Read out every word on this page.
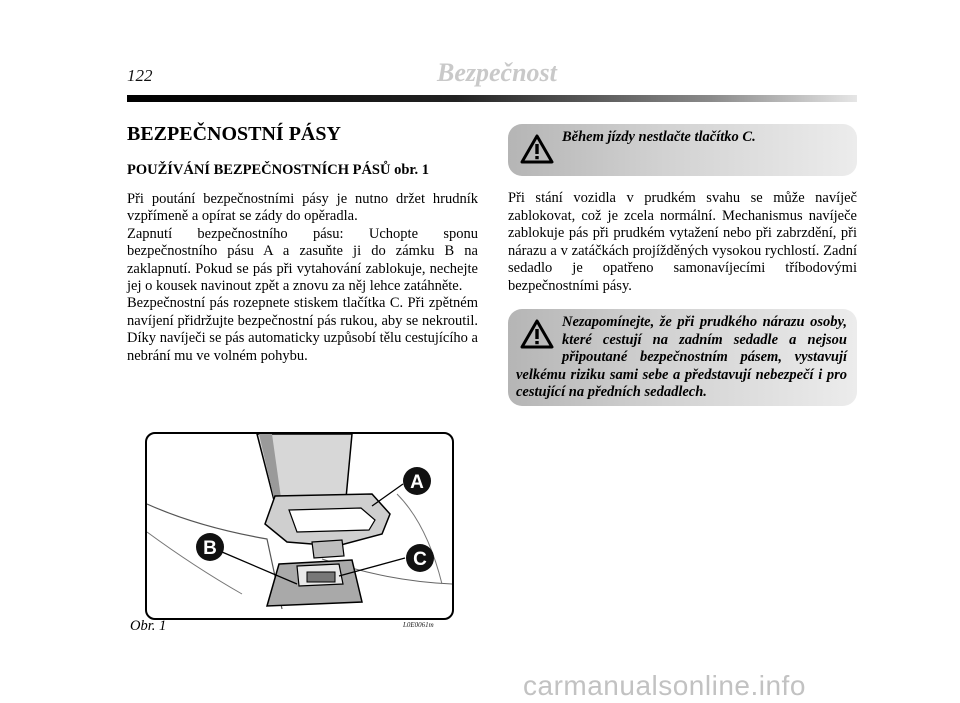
122	Bezpečnost
BEZPEČNOSTNÍ PÁSY
POUŽÍVÁNÍ BEZPEČNOSTNÍCH PÁSŮ obr. 1

Při poutání bezpečnostními pásy je nutno držet hrudník vzpřímeně a opírat se zády do opěradla.

Zapnutí bezpečnostního pásu: Uchopte sponu bezpečnostního pásu A a zasuňte ji do zámku B na zaklapnutí. Pokud se pás při vytahování zablokuje, nechejte jej o kousek navinout zpět a znovu za něj lehce zatáhněte.

Bezpečnostní pás rozepnete stiskem tlačítka C. Při zpětném navíjení přidržujte bezpečnostní pás rukou, aby se nekroutil. Díky navíječi se pás automaticky uzpůsobí tělu cestujícího a nebrání mu ve volném pohybu.

Během jízdy nestlačte tlačítko C.
Při stání vozidla v prudkém svahu se může navíječ zablokovat, což je zcela normální. Mechanismus navíječe zablokuje pás při prudkém vytažení nebo při zabrzdění, při nárazu a v zatáčkách projížděných vysokou rychlostí. Zadní sedadlo je opatřeno samonavíjecími tříbodovými bezpečnostními pásy.
Nezapomínejte, že při prudkého nárazu osoby, které cestují na zadním sedadle a nejsou připoutané bezpečnostním pásem, vystavují velkému riziku sami sebe a představují nebezpečí i pro cestující na předních sedadlech.
A
B
C
Obr. 1	L0E0061m
carmanualsonline.info
